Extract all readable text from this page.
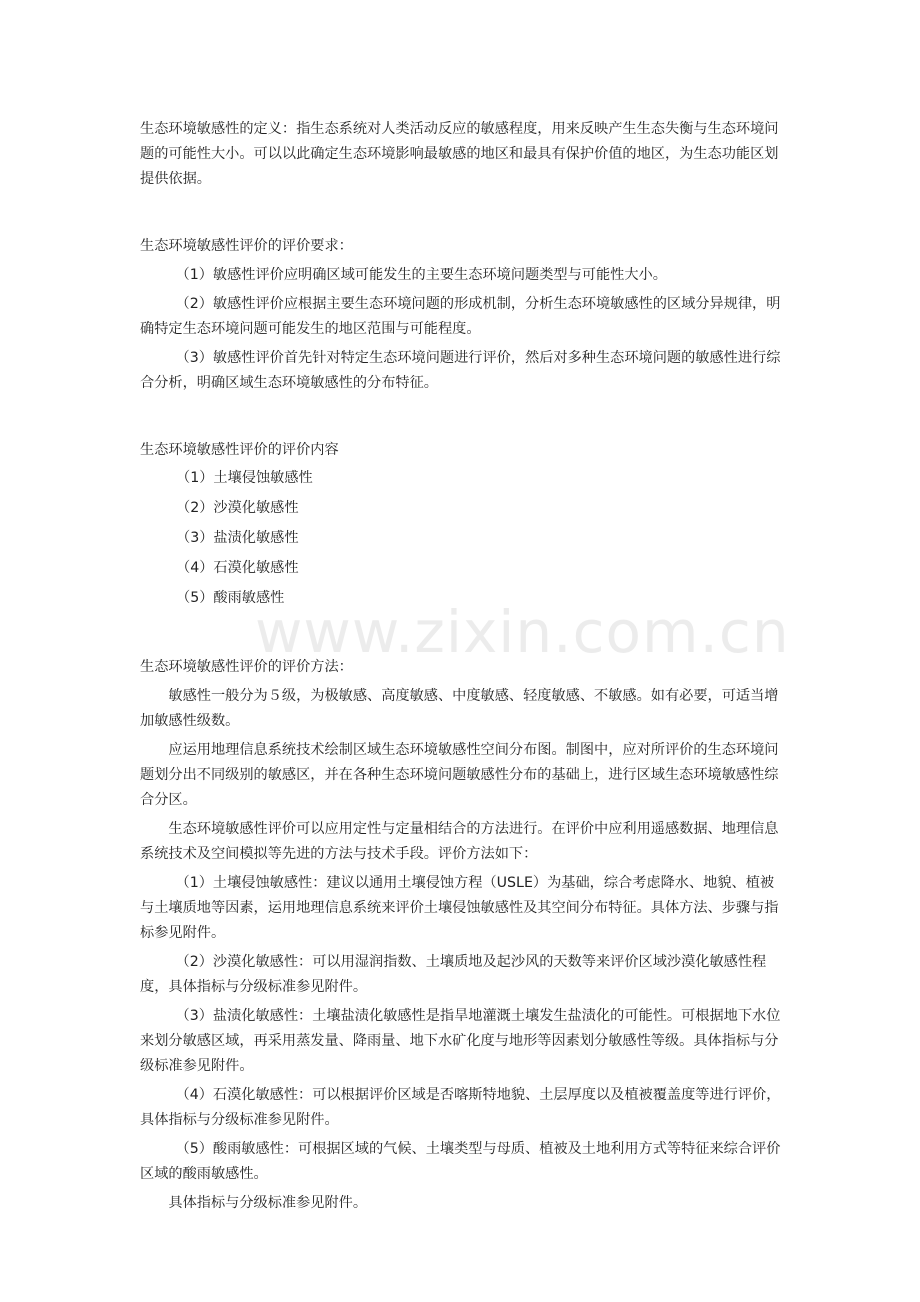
www.zixin.com.cn

生态环境敏感性的定义：指生态系统对人类活动反应的敏感程度，用来反映产生生态失衡与生态环境问题的可能性大小。可以以此确定生态环境影响最敏感的地区和最具有保护价值的地区，为生态功能区划提供依据。

生态环境敏感性评价的评价要求：

（1）敏感性评价应明确区域可能发生的主要生态环境问题类型与可能性大小。

（2）敏感性评价应根据主要生态环境问题的形成机制，分析生态环境敏感性的区域分异规律，明确特定生态环境问题可能发生的地区范围与可能程度。

（3）敏感性评价首先针对特定生态环境问题进行评价，然后对多种生态环境问题的敏感性进行综合分析，明确区域生态环境敏感性的分布特征。

生态环境敏感性评价的评价内容

（1）土壤侵蚀敏感性

（2）沙漠化敏感性

（3）盐渍化敏感性

（4）石漠化敏感性

（5）酸雨敏感性

生态环境敏感性评价的评价方法：

敏感性一般分为５级，为极敏感、高度敏感、中度敏感、轻度敏感、不敏感。如有必要，可适当增加敏感性级数。

应运用地理信息系统技术绘制区域生态环境敏感性空间分布图。制图中，应对所评价的生态环境问题划分出不同级别的敏感区，并在各种生态环境问题敏感性分布的基础上，进行区域生态环境敏感性综合分区。

生态环境敏感性评价可以应用定性与定量相结合的方法进行。在评价中应利用遥感数据、地理信息系统技术及空间模拟等先进的方法与技术手段。评价方法如下：

（1）土壤侵蚀敏感性：建议以通用土壤侵蚀方程（USLE）为基础，综合考虑降水、地貌、植被与土壤质地等因素，运用地理信息系统来评价土壤侵蚀敏感性及其空间分布特征。具体方法、步骤与指标参见附件。

（2）沙漠化敏感性：可以用湿润指数、土壤质地及起沙风的天数等来评价区域沙漠化敏感性程度，具体指标与分级标准参见附件。

（3）盐渍化敏感性：土壤盐渍化敏感性是指旱地灌溉土壤发生盐渍化的可能性。可根据地下水位来划分敏感区域，再采用蒸发量、降雨量、地下水矿化度与地形等因素划分敏感性等级。具体指标与分级标准参见附件。

（4）石漠化敏感性：可以根据评价区域是否喀斯特地貌、土层厚度以及植被覆盖度等进行评价，具体指标与分级标准参见附件。

（5）酸雨敏感性：可根据区域的气候、土壤类型与母质、植被及土地利用方式等特征来综合评价区域的酸雨敏感性。

具体指标与分级标准参见附件。
